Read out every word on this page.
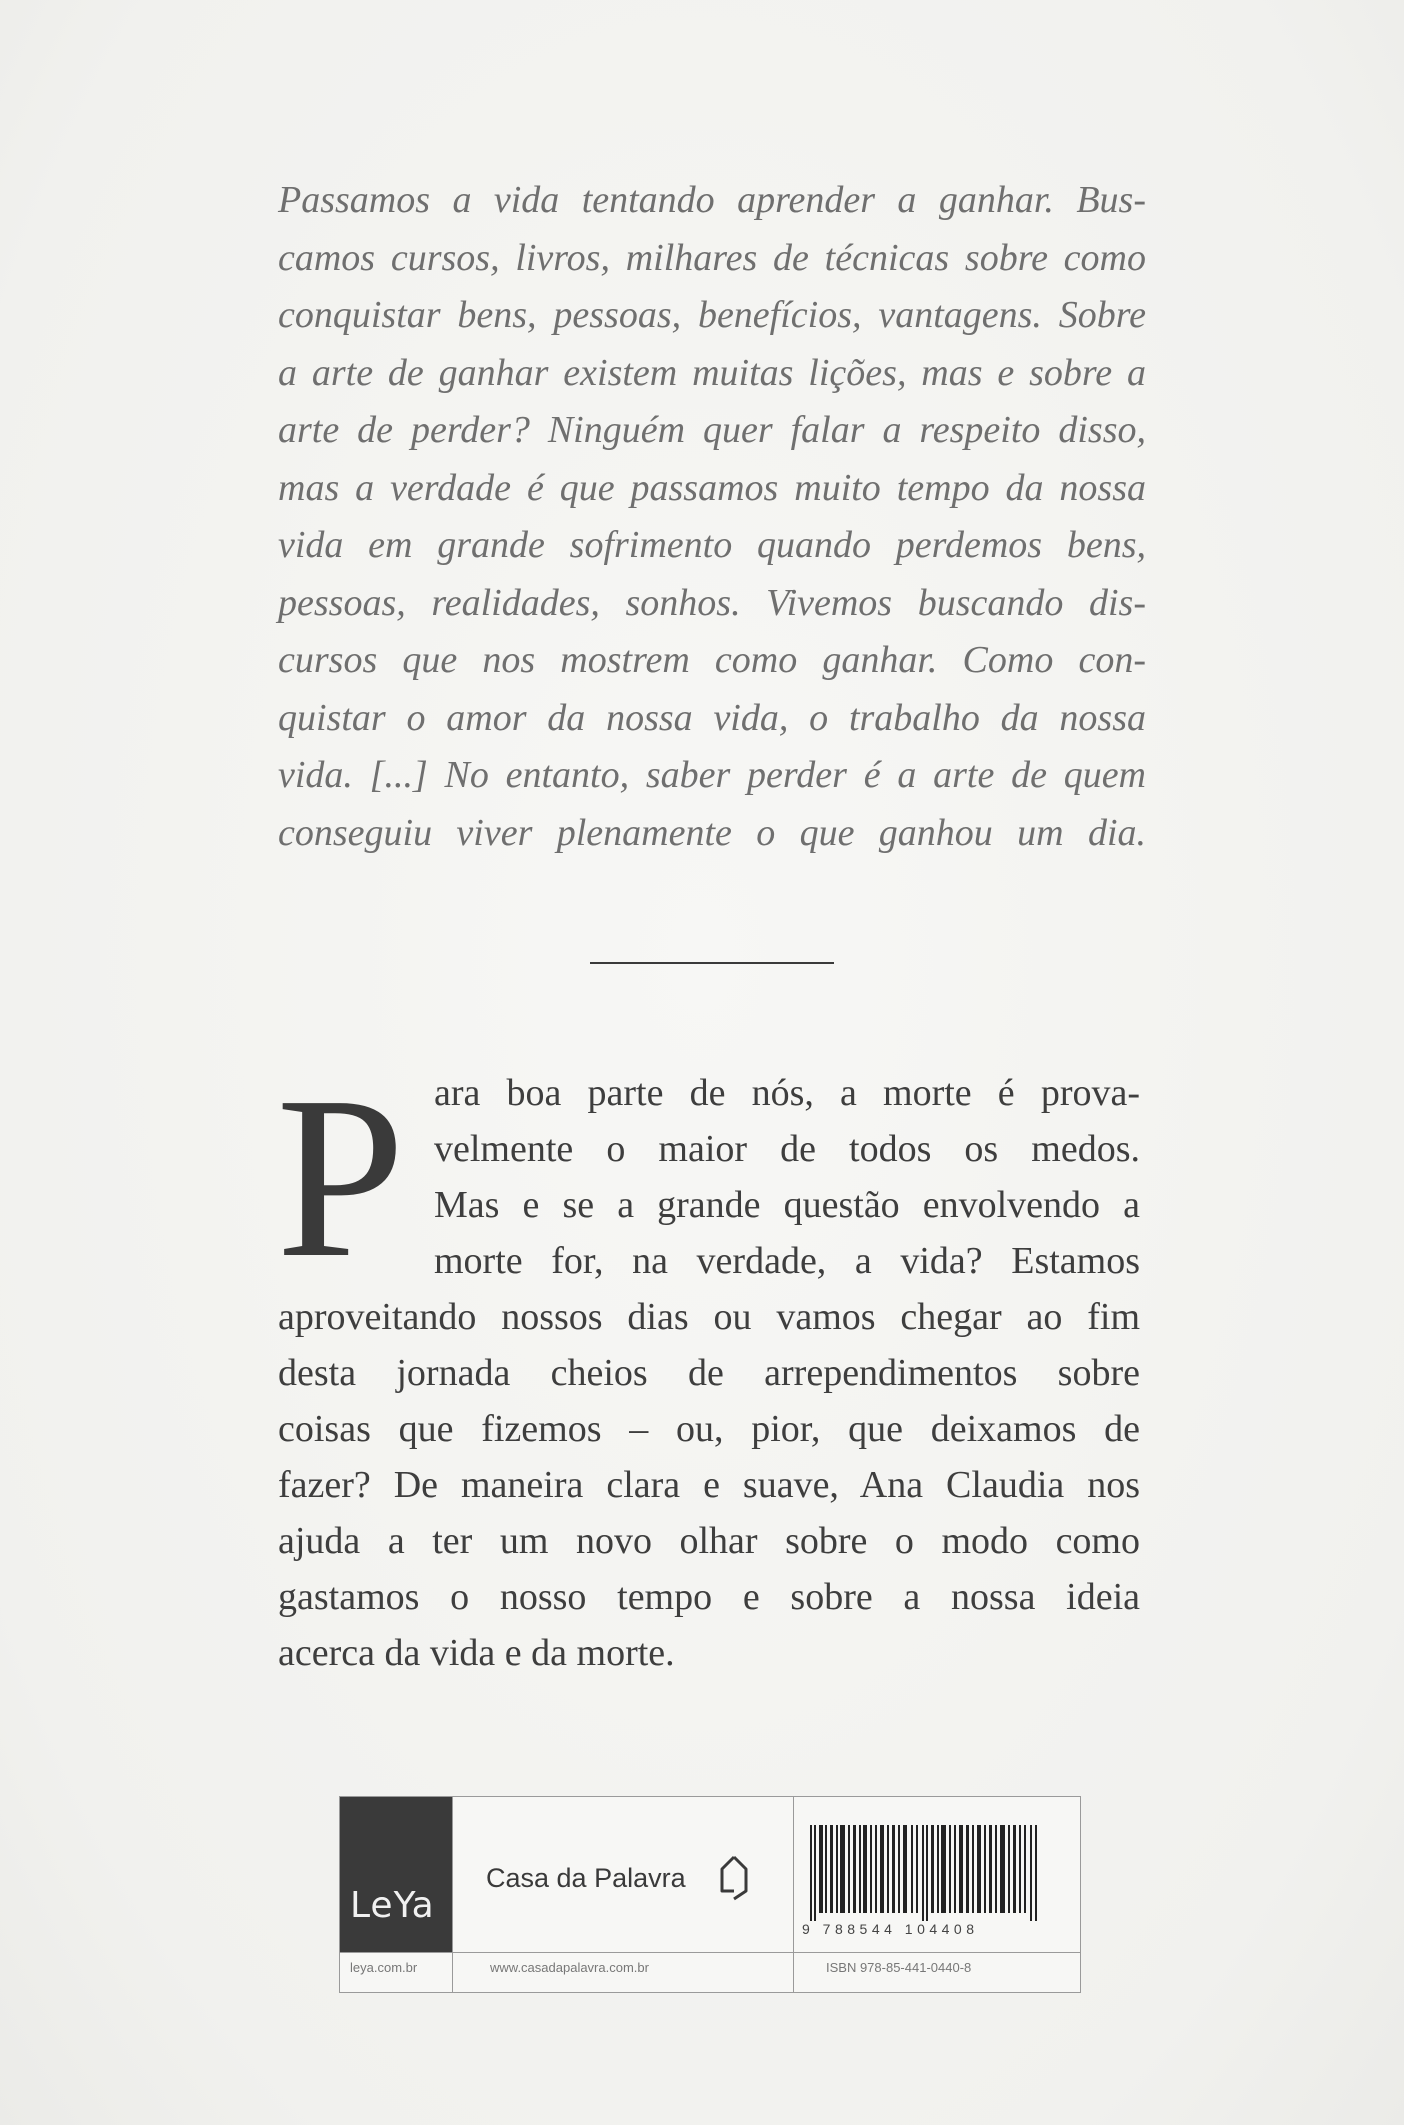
Passamos a vida tentando aprender a ganhar. Bus-
camos cursos, livros, milhares de técnicas sobre como
conquistar bens, pessoas, benefícios, vantagens. Sobre
a arte de ganhar existem muitas lições, mas e sobre a
arte de perder? Ninguém quer falar a respeito disso,
mas a verdade é que passamos muito tempo da nossa
vida em grande sofrimento quando perdemos bens,
pessoas, realidades, sonhos. Vivemos buscando dis-
cursos que nos mostrem como ganhar. Como con-
quistar o amor da nossa vida, o trabalho da nossa
vida. [...] No entanto, saber perder é a arte de quem
conseguiu viver plenamente o que ganhou um dia.
P ara boa parte de nós, a morte é prova-
velmente o maior de todos os medos.
Mas e se a grande questão envolvendo a
morte for, na verdade, a vida? Estamos
aproveitando nossos dias ou vamos chegar ao fim
desta jornada cheios de arrependimentos sobre
coisas que fizemos – ou, pior, que deixamos de
fazer? De maneira clara e suave, Ana Claudia nos
ajuda a ter um novo olhar sobre o modo como
gastamos o nosso tempo e sobre a nossa ideia
acerca da vida e da morte.
LeYa
Casa da Palavra
leya.com.br	www.casadapalavra.com.br
9 788544 104408
ISBN 978-85-441-0440-8
